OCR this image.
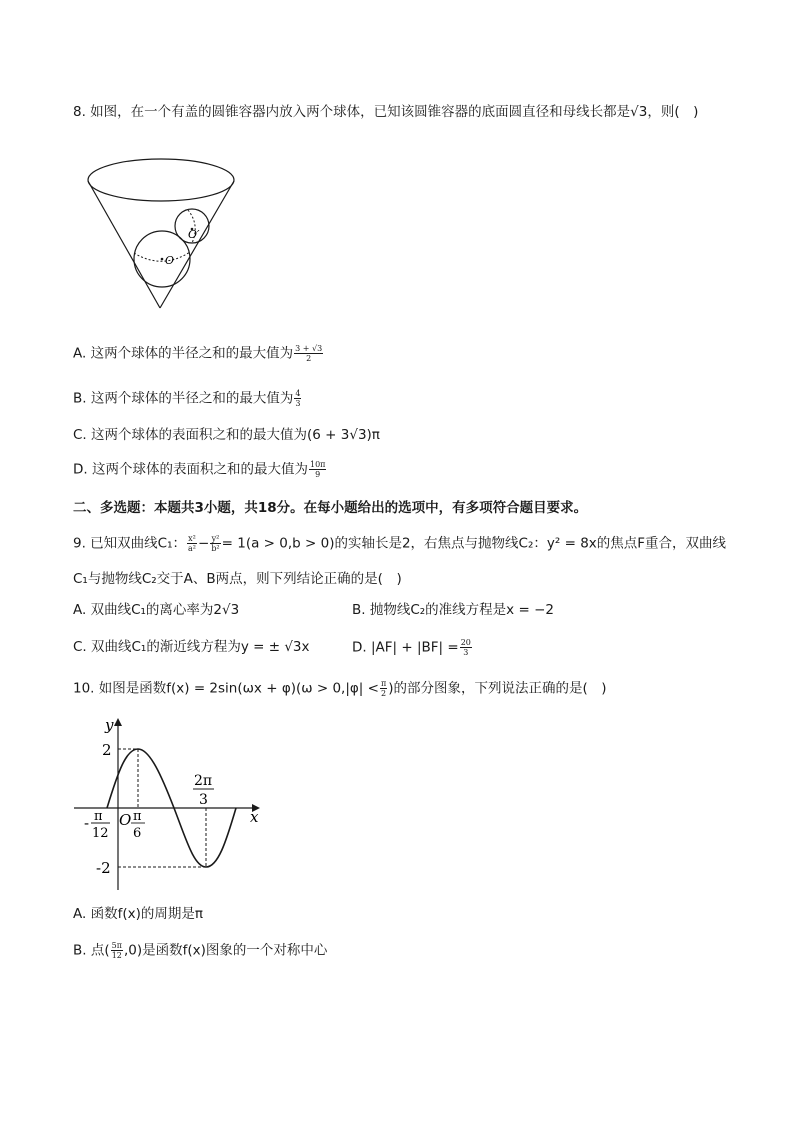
8. 如图，在一个有盖的圆锥容器内放入两个球体，已知该圆锥容器的底面圆直径和母线长都是√3，则(　)
O
O′
A. 这两个球体的半径之和的最大值为 $\frac{3 + √3}{2}$
B. 这两个球体的半径之和的最大值为 $\frac{4}{3}$
C. 这两个球体的表面积之和的最大值为(6 + 3√3)π
D. 这两个球体的表面积之和的最大值为 $\frac{10\pi}{9}$
二、多选题：本题共3小题，共18分。在每小题给出的选项中，有多项符合题目要求。
9. 已知双曲线C₁： $\frac{\text{x²}}{\text{a²}} - \frac{\text{y²}}{\text{b²}} = 1(a > 0,b > 0)$的实轴长是2，右焦点与抛物线C₂：y² = 8x的焦点F重合，双曲线
C₁与抛物线C₂交于A、B两点，则下列结论正确的是(　)
A. 双曲线C₁的离心率为2√3	B. 抛物线C₂的准线方程是x = −2
C. 双曲线C₁的渐近线方程为y = ± √3x	D. $|AF| + |BF| = \frac{20}{3}$
10. 如图是函数$f(x) = 2\sin(\omega x + \varphi)(\omega > 0,|\varphi| < \frac{\pi}{2}$ )的部分图象，下列说法正确的是(　)
y
x
2
-2
O
- π
12
π
6
2π
3
A. 函数f(x)的周期是π
B. 点( $\frac{5\pi}{12} ,0$)是函数f(x)图象的一个对称中心
